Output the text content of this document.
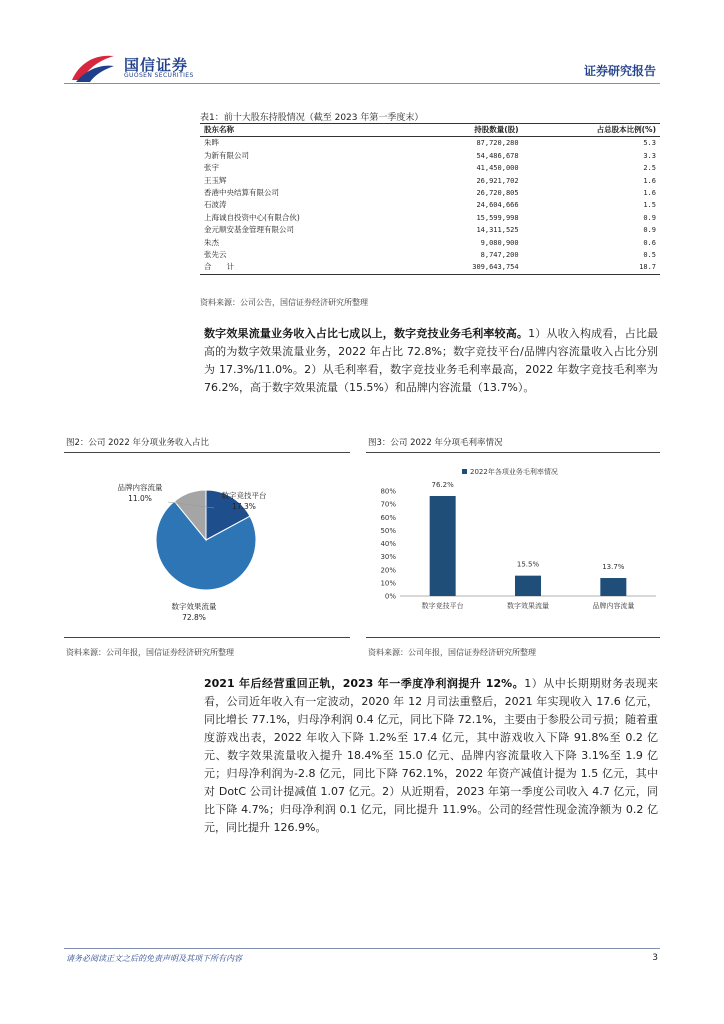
国信证券
GUOSEN SECURITIES	证券研究报告
表1：前十大股东持股情况（截至 2023 年第一季度末）
股东名称	持股数量(股)	占总股本比例(%)
朱晔	87,720,280	5.3
为新有限公司	54,486,678	3.3
张宇	41,450,000	2.5
王玉辉	26,921,702	1.6
香港中央结算有限公司	26,720,805	1.6
石波涛	24,604,666	1.5
上海诚自投资中心(有限合伙)	15,599,998	0.9
金元顺安基金管理有限公司	14,311,525	0.9
朱杰	9,080,900	0.6
张先云	8,747,200	0.5
合　　计	309,643,754	18.7
资料来源：公司公告，国信证券经济研究所整理
数字效果流量业务收入占比七成以上，数字竞技业务毛利率较高。1）从收入构成看，占比最高的为数字效果流量业务，2022 年占比 72.8%；数字竞技平台/品牌内容流量收入占比分别为 17.3%/11.0%。2）从毛利率看，数字竞技业务毛利率最高，2022 年数字竞技毛利率为 76.2%，高于数字效果流量（15.5%）和品牌内容流量（13.7%）。
图2：公司 2022 年分项业务收入占比
数字竞技平台
17.3%
数字效果流量
72.8%
品牌内容流量
11.0%
资料来源：公司年报，国信证券经济研究所整理
图3：公司 2022 年分项毛利率情况
2022年各项业务毛利率情况
80%
70%
60%
50%
40%
30%
20%
10%
0%
76.2%
数字竞技平台
15.5%
数字效果流量
13.7%
品牌内容流量
资料来源：公司年报，国信证券经济研究所整理
2021 年后经营重回正轨，2023 年一季度净利润提升 12%。1）从中长期期财务表现来看，公司近年收入有一定波动，2020 年 12 月司法重整后，2021 年实现收入 17.6 亿元，同比增长 77.1%，归母净利润 0.4 亿元，同比下降 72.1%，主要由于参股公司亏损；随着重度游戏出表，2022 年收入下降 1.2%至 17.4 亿元，其中游戏收入下降 91.8%至 0.2 亿元、数字效果流量收入提升 18.4%至 15.0 亿元、品牌内容流量收入下降 3.1%至 1.9 亿元；归母净利润为-2.8 亿元，同比下降 762.1%，2022 年资产减值计提为 1.5 亿元，其中对 DotC 公司计提减值 1.07 亿元。2）从近期看，2023 年第一季度公司收入 4.7 亿元，同比下降 4.7%；归母净利润 0.1 亿元，同比提升 11.9%。公司的经营性现金流净额为 0.2 亿元，同比提升 126.9%。
请务必阅读正文之后的免责声明及其项下所有内容	3
